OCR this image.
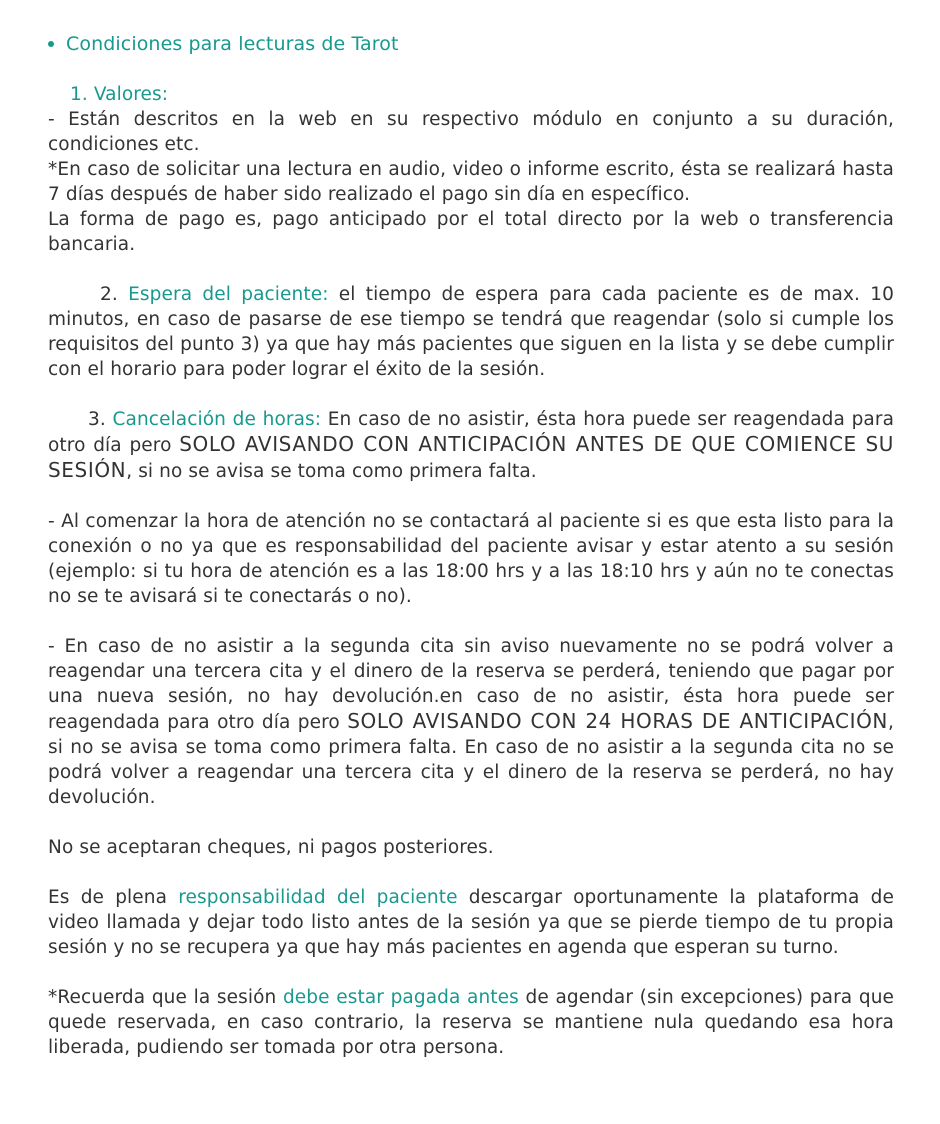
Condiciones para lecturas de Tarot
1. Valores:

- Están descritos en la web en su respectivo módulo en conjunto a su duración, condiciones etc.

*En caso de solicitar una lectura en audio, video o informe escrito, ésta se realizará hasta 7 días después de haber sido realizado el pago sin día en específico.

La forma de pago es, pago anticipado por el total directo por la web o transferencia bancaria.

2. Espera del paciente: el tiempo de espera para cada paciente es de max. 10 minutos, en caso de pasarse de ese tiempo se tendrá que reagendar (solo si cumple los requisitos del punto 3) ya que hay más pacientes que siguen en la lista y se debe cumplir con el horario para poder lograr el éxito de la sesión.

3. Cancelación de horas: En caso de no asistir, ésta hora puede ser reagendada para otro día pero SOLO AVISANDO CON ANTICIPACIÓN ANTES DE QUE COMIENCE SU SESIÓN, si no se avisa se toma como primera falta.

- Al comenzar la hora de atención no se contactará al paciente si es que esta listo para la conexión o no ya que es responsabilidad del paciente avisar y estar atento a su sesión (ejemplo: si tu hora de atención es a las 18:00 hrs y a las 18:10 hrs y aún no te conectas no se te avisará si te conectarás o no).

- En caso de no asistir a la segunda cita sin aviso nuevamente no se podrá volver a reagendar una tercera cita y el dinero de la reserva se perderá, teniendo que pagar por una nueva sesión, no hay devolución.en caso de no asistir, ésta hora puede ser reagendada para otro día pero SOLO AVISANDO CON 24 HORAS DE ANTICIPACIÓN, si no se avisa se toma como primera falta. En caso de no asistir a la segunda cita no se podrá volver a reagendar una tercera cita y el dinero de la reserva se perderá, no hay devolución.

No se aceptaran cheques, ni pagos posteriores.

Es de plena responsabilidad del paciente descargar oportunamente la plataforma de video llamada y dejar todo listo antes de la sesión ya que se pierde tiempo de tu propia sesión y no se recupera ya que hay más pacientes en agenda que esperan su turno.

*Recuerda que la sesión debe estar pagada antes de agendar (sin excepciones) para que quede reservada, en caso contrario, la reserva se mantiene nula quedando esa hora liberada, pudiendo ser tomada por otra persona.
